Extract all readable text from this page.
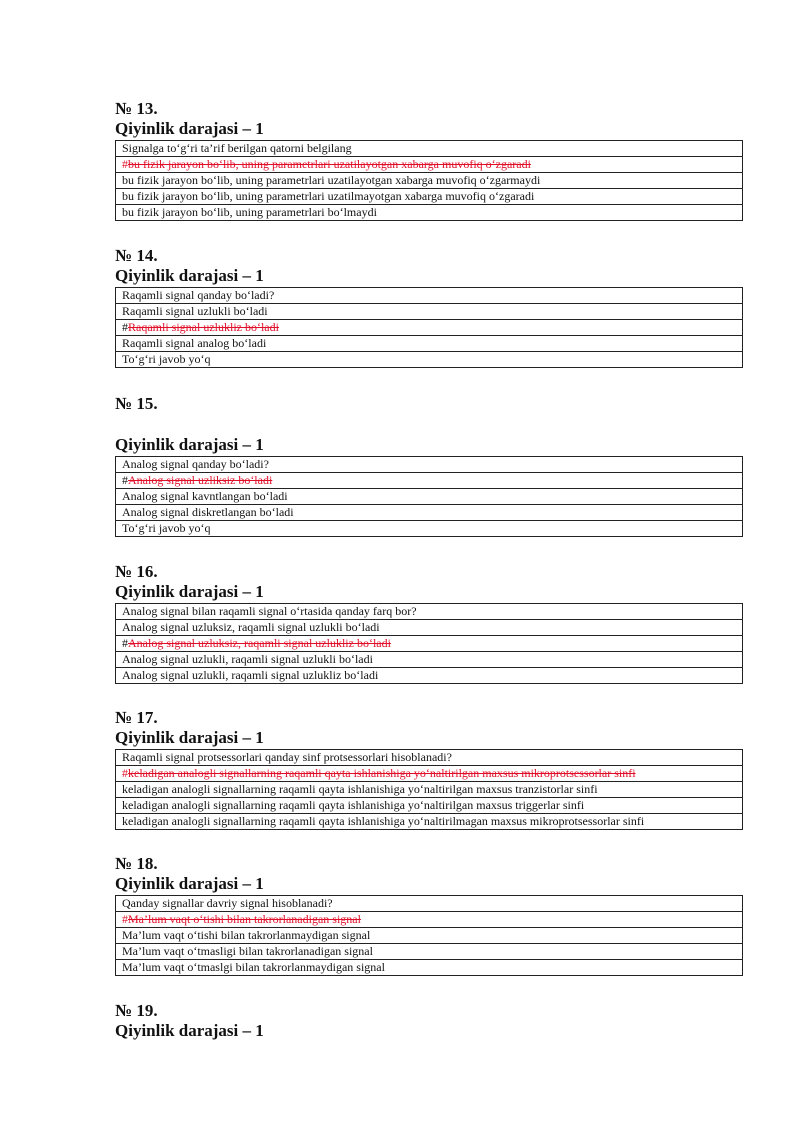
№ 13.
Qiyinlik darajasi – 1
Signalga to‘g‘ri ta’rif berilgan qatorni belgilang
#bu fizik jarayon bo‘lib, uning parametrlari uzatilayotgan xabarga muvofiq o‘zgaradi
bu fizik jarayon bo‘lib, uning parametrlari uzatilayotgan xabarga muvofiq o‘zgarmaydi
bu fizik jarayon bo‘lib, uning parametrlari uzatilmayotgan xabarga muvofiq o‘zgaradi
bu fizik jarayon bo‘lib, uning parametrlari bo‘lmaydi
№ 14.
Qiyinlik darajasi – 1
Raqamli signal qanday bo‘ladi?
Raqamli signal uzlukli bo‘ladi
#Raqamli signal uzlukliz bo‘ladi
Raqamli signal analog bo‘ladi
To‘g‘ri javob yo‘q
№ 15.
Qiyinlik darajasi – 1
Analog signal qanday bo‘ladi?
#Analog signal uzliksiz bo‘ladi
Analog signal kavntlangan bo‘ladi
Analog signal diskretlangan bo‘ladi
To‘g‘ri javob yo‘q
№ 16.
Qiyinlik darajasi – 1
Analog signal bilan raqamli signal o‘rtasida qanday farq bor?
Analog signal uzluksiz, raqamli signal uzlukli bo‘ladi
#Analog signal uzluksiz, raqamli signal uzlukliz bo‘ladi
Analog signal uzlukli, raqamli signal uzlukli bo‘ladi
Analog signal uzlukli, raqamli signal uzlukliz bo‘ladi
№ 17.
Qiyinlik darajasi – 1
Raqamli signal protsessorlari qanday sinf protsessorlari hisoblanadi?
#keladigan analogli signallarning raqamli qayta ishlanishiga yo‘naltirilgan maxsus mikroprotsessorlar sinfi
keladigan analogli signallarning raqamli qayta ishlanishiga yo‘naltirilgan maxsus tranzistorlar sinfi
keladigan analogli signallarning raqamli qayta ishlanishiga yo‘naltirilgan maxsus triggerlar sinfi
keladigan analogli signallarning raqamli qayta ishlanishiga yo‘naltirilmagan maxsus mikroprotsessorlar sinfi
№ 18.
Qiyinlik darajasi – 1
Qanday signallar davriy signal hisoblanadi?
#Ma’lum vaqt o‘tishi bilan takrorlanadigan signal
Ma’lum vaqt o‘tishi bilan takrorlanmaydigan signal
Ma’lum vaqt o‘tmasligi bilan takrorlanadigan signal
Ma’lum vaqt o‘tmaslgi bilan takrorlanmaydigan signal
№ 19.
Qiyinlik darajasi – 1
